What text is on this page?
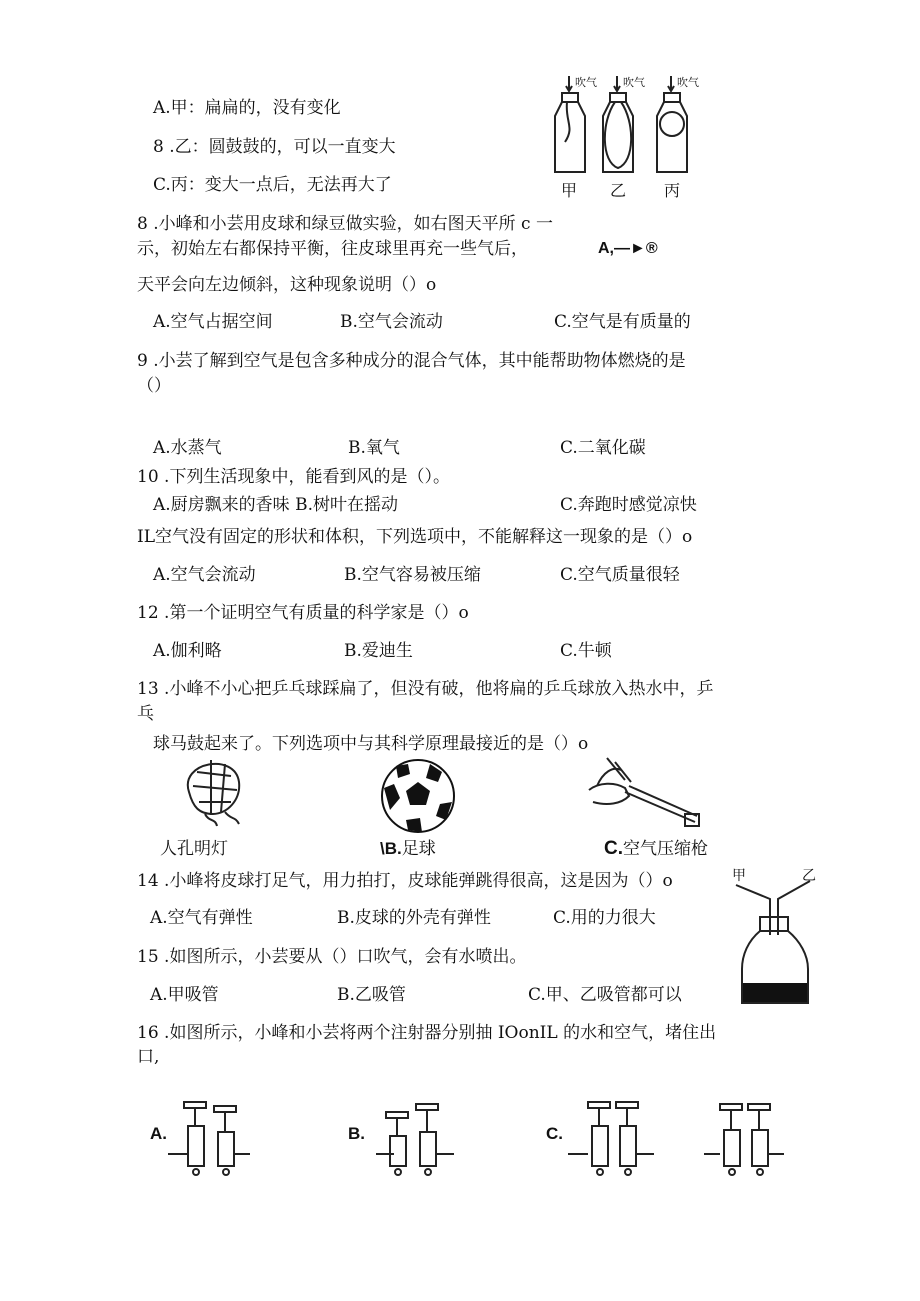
A.甲：扁扁的，没有变化
8 .乙：圆鼓鼓的，可以一直变大
C.丙：变大一点后，无法再大了
吹气 吹气	吹气
甲 乙 丙
8 .小峰和小芸用皮球和绿豆做实验，如右图天平所 c 一
示，初始左右都保持平衡，往皮球里再充一些气后，	A,—►®
天平会向左边倾斜，这种现象说明（）o
A.空气占据空间	B.空气会流动	C.空气是有质量的
9 .小芸了解到空气是包含多种成分的混合气体，其中能帮助物体燃烧的是
（）
A.水蒸气	B.氧气	C.二氧化碳
10 .下列生活现象中，能看到风的是（）。
A.厨房飘来的香味 B.树叶在摇动	C.奔跑时感觉凉快
IL空气没有固定的形状和体积，下列选项中，不能解释这一现象的是（）o
A.空气会流动	B.空气容易被压缩	C.空气质量很轻
12 .第一个证明空气有质量的科学家是（）o
A.伽利略	B.爱迪生	C.牛顿
13 .小峰不小心把乒乓球踩扁了，但没有破，他将扁的乒乓球放入热水中，乒
乓
球马鼓起来了。下列选项中与其科学原理最接近的是（）o
人孔明灯	\B.足球	C.空气压缩枪
14 .小峰将皮球打足气，用力拍打，皮球能弹跳得很高，这是因为（）o
A.空气有弹性	B.皮球的外壳有弹性	C.用的力很大
甲	乙
15 .如图所示，小芸要从（）口吹气，会有水喷出。
A.甲吸管	B.乙吸管	C.甲、乙吸管都可以
16 .如图所示，小峰和小芸将两个注射器分别抽 IOonIL 的水和空气，堵住出
口,
A.	B.	C.
